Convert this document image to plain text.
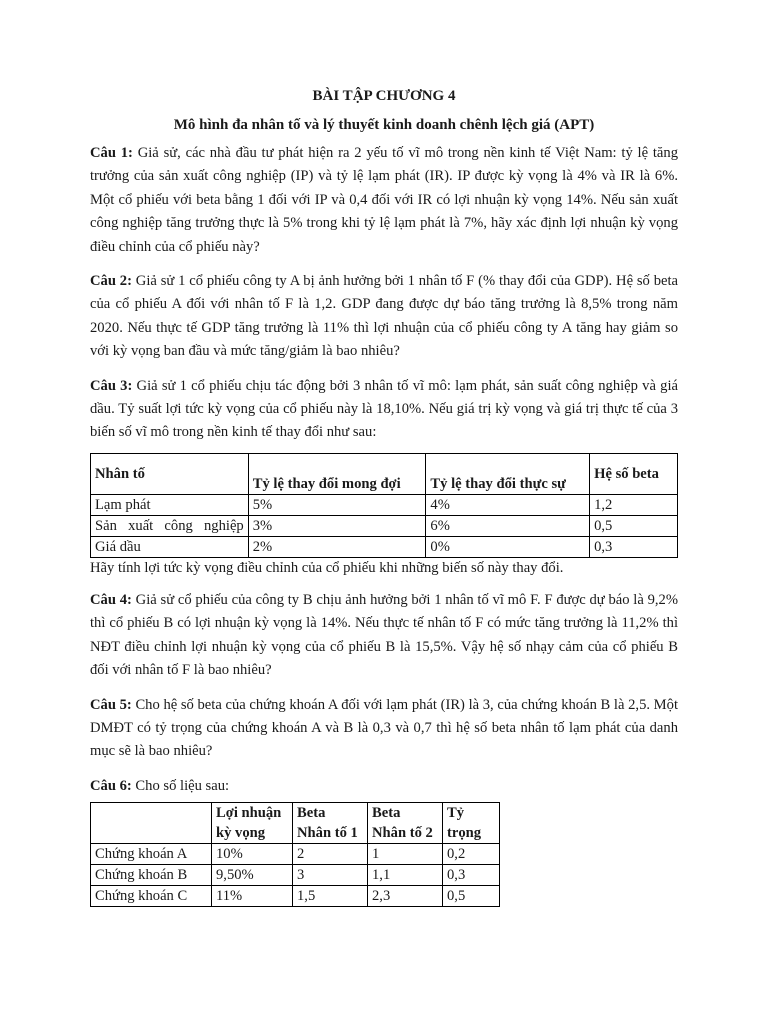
BÀI TẬP CHƯƠNG 4
Mô hình đa nhân tố và lý thuyết kinh doanh chênh lệch giá (APT)

Câu 1: Giả sử, các nhà đầu tư phát hiện ra 2 yếu tố vĩ mô trong nền kinh tế Việt Nam: tỷ lệ tăng trưởng của sản xuất công nghiệp (IP) và tỷ lệ lạm phát (IR). IP được kỳ vọng là 4% và IR là 6%. Một cổ phiếu với beta bằng 1 đối với IP và 0,4 đối với IR có lợi nhuận kỳ vọng 14%. Nếu sản xuất công nghiệp tăng trưởng thực là 5% trong khi tỷ lệ lạm phát là 7%, hãy xác định lợi nhuận kỳ vọng điều chỉnh của cổ phiếu này?

Câu 2: Giả sử 1 cổ phiếu công ty A bị ảnh hưởng bởi 1 nhân tố F (% thay đổi của GDP). Hệ số beta của cổ phiếu A đối với nhân tố F là 1,2. GDP đang được dự báo tăng trưởng là 8,5% trong năm 2020. Nếu thực tế GDP tăng trưởng là 11% thì lợi nhuận của cổ phiếu công ty A tăng hay giảm so với kỳ vọng ban đầu và mức tăng/giảm là bao nhiêu?

Câu 3: Giả sử 1 cổ phiếu chịu tác động bởi 3 nhân tố vĩ mô: lạm phát, sản suất công nghiệp và giá dầu. Tỷ suất lợi tức kỳ vọng của cổ phiếu này là 18,10%. Nếu giá trị kỳ vọng và giá trị thực tế của 3 biến số vĩ mô trong nền kinh tế thay đổi như sau:

Nhân tố	Tỷ lệ thay đổi mong đợi	Tỷ lệ thay đổi thực sự	Hệ số beta
Lạm phát	5%	4%	1,2
Sản xuất công nghiệp	3%	6%	0,5
Giá dầu	2%	0%	0,3
Hãy tính lợi tức kỳ vọng điều chỉnh của cổ phiếu khi những biến số này thay đổi.

Câu 4: Giả sử cổ phiếu của công ty B chịu ảnh hưởng bởi 1 nhân tố vĩ mô F. F được dự báo là 9,2% thì cổ phiếu B có lợi nhuận kỳ vọng là 14%. Nếu thực tế nhân tố F có mức tăng trưởng là 11,2% thì NĐT điều chỉnh lợi nhuận kỳ vọng của cổ phiếu B là 15,5%. Vậy hệ số nhạy cảm của cổ phiếu B đối với nhân tố F là bao nhiêu?

Câu 5: Cho hệ số beta của chứng khoán A đối với lạm phát (IR) là 3, của chứng khoán B là 2,5. Một DMĐT có tỷ trọng của chứng khoán A và B là 0,3 và 0,7 thì hệ số beta nhân tố lạm phát của danh mục sẽ là bao nhiêu?

Câu 6: Cho số liệu sau:

	Lợi nhuận kỳ vọng	Beta Nhân tố 1	Beta Nhân tố 2	Tỷ trọng
Chứng khoán A	10%	2	1	0,2
Chứng khoán B	9,50%	3	1,1	0,3
Chứng khoán C	11%	1,5	2,3	0,5
